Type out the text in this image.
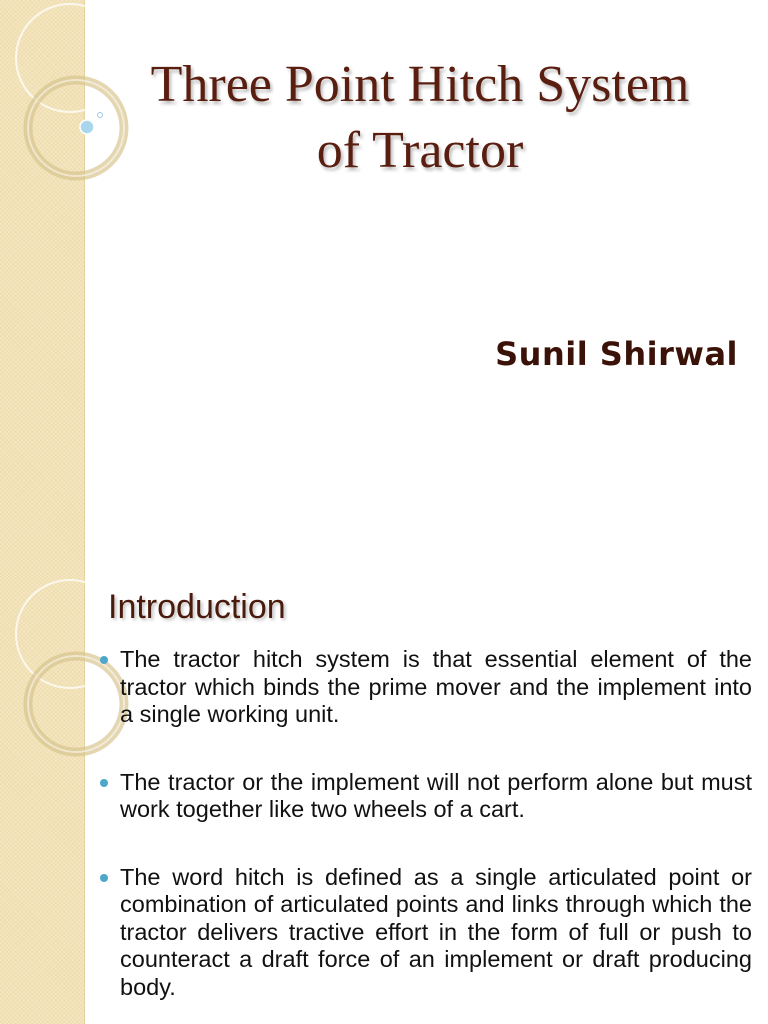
Three Point Hitch System
of Tractor
Sunil Shirwal
Introduction
The tractor hitch system is that essential element of the tractor which binds the prime mover and the implement into a single working unit.
The tractor or the implement will not perform alone but must work together like two wheels of a cart.
The word hitch is defined as a single articulated point or combination of articulated points and links through which the tractor delivers tractive effort in the form of full or push to counteract a draft force of an implement or draft producing body.
